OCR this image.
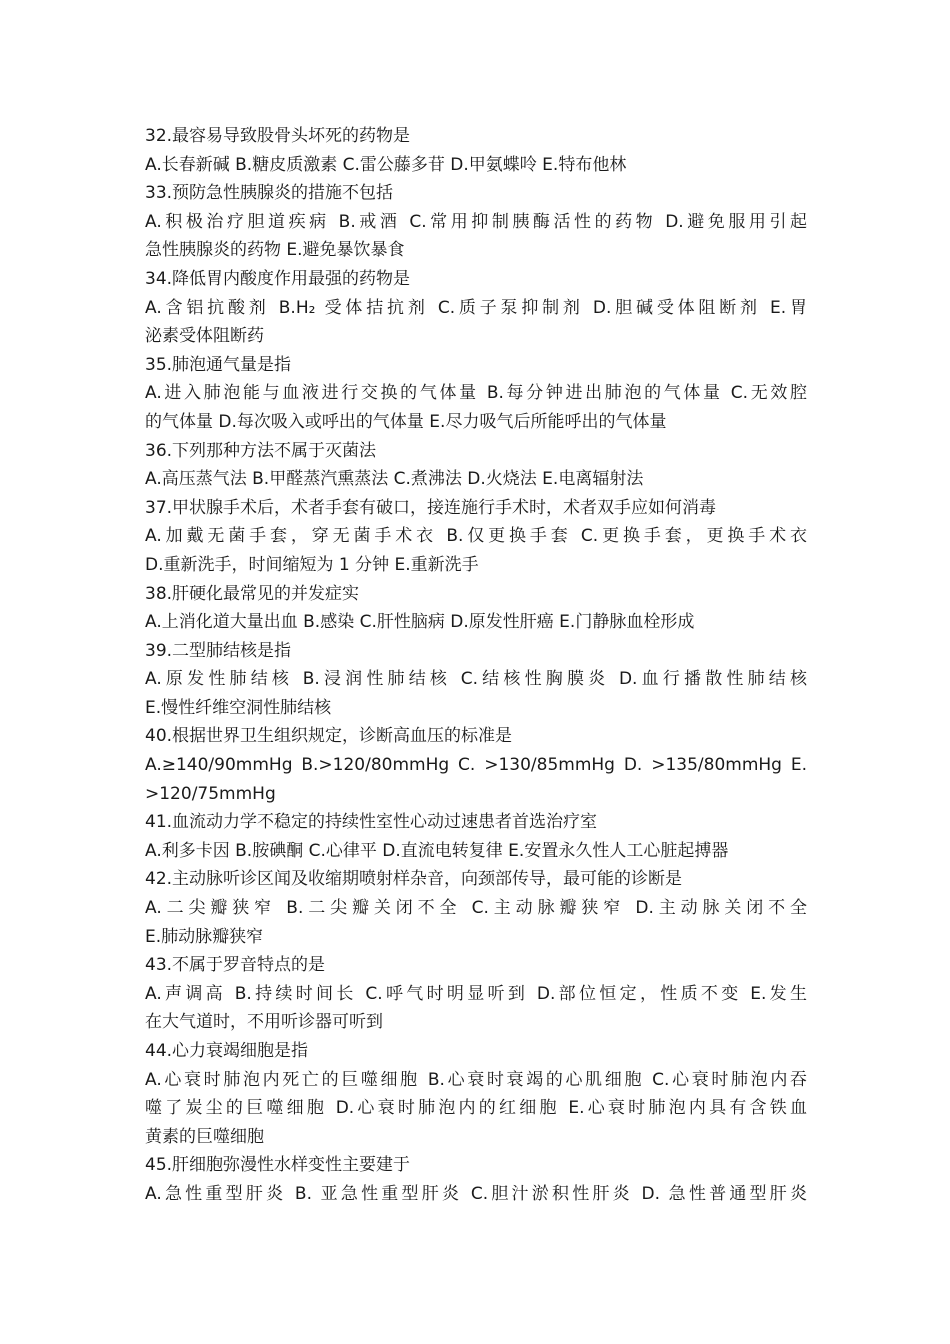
32.最容易导致股骨头坏死的药物是
A.长春新碱 B.糖皮质激素 C.雷公藤多苷 D.甲氨蝶呤 E.特布他林
33.预防急性胰腺炎的措施不包括
A.积极治疗胆道疾病 B.戒酒 C.常用抑制胰酶活性的药物 D.避免服用引起
急性胰腺炎的药物 E.避免暴饮暴食
34.降低胃内酸度作用最强的药物是
A.含铝抗酸剂 B.H₂ 受体拮抗剂 C.质子泵抑制剂 D.胆碱受体阻断剂 E.胃
泌素受体阻断药
35.肺泡通气量是指
A.进入肺泡能与血液进行交换的气体量 B.每分钟进出肺泡的气体量 C.无效腔
的气体量 D.每次吸入或呼出的气体量 E.尽力吸气后所能呼出的气体量
36.下列那种方法不属于灭菌法
A.高压蒸气法 B.甲醛蒸汽熏蒸法 C.煮沸法 D.火烧法 E.电离辐射法
37.甲状腺手术后，术者手套有破口，接连施行手术时，术者双手应如何消毒
A.加戴无菌手套，穿无菌手术衣 B.仅更换手套 C.更换手套，更换手术衣
D.重新洗手，时间缩短为 1 分钟 E.重新洗手
38.肝硬化最常见的并发症实
A.上消化道大量出血 B.感染 C.肝性脑病 D.原发性肝癌 E.门静脉血栓形成
39.二型肺结核是指
A.原发性肺结核 B.浸润性肺结核 C.结核性胸膜炎 D.血行播散性肺结核
E.慢性纤维空洞性肺结核
40.根据世界卫生组织规定，诊断高血压的标准是
A.≥140/90mmHg B.>120/80mmHg C. >130/85mmHg D. >135/80mmHg E.
>120/75mmHg
41.血流动力学不稳定的持续性室性心动过速患者首选治疗室
A.利多卡因 B.胺碘酮 C.心律平 D.直流电转复律 E.安置永久性人工心脏起搏器
42.主动脉听诊区闻及收缩期喷射样杂音，向颈部传导，最可能的诊断是
A.二尖瓣狭窄 B.二尖瓣关闭不全 C.主动脉瓣狭窄 D.主动脉关闭不全
E.肺动脉瓣狭窄
43.不属于罗音特点的是
A.声调高 B.持续时间长 C.呼气时明显听到 D.部位恒定，性质不变 E.发生
在大气道时，不用听诊器可听到
44.心力衰竭细胞是指
A.心衰时肺泡内死亡的巨噬细胞 B.心衰时衰竭的心肌细胞 C.心衰时肺泡内吞
噬了炭尘的巨噬细胞 D.心衰时肺泡内的红细胞 E.心衰时肺泡内具有含铁血
黄素的巨噬细胞
45.肝细胞弥漫性水样变性主要建于
A.急性重型肝炎 B. 亚急性重型肝炎 C.胆汁淤积性肝炎 D. 急性普通型肝炎
